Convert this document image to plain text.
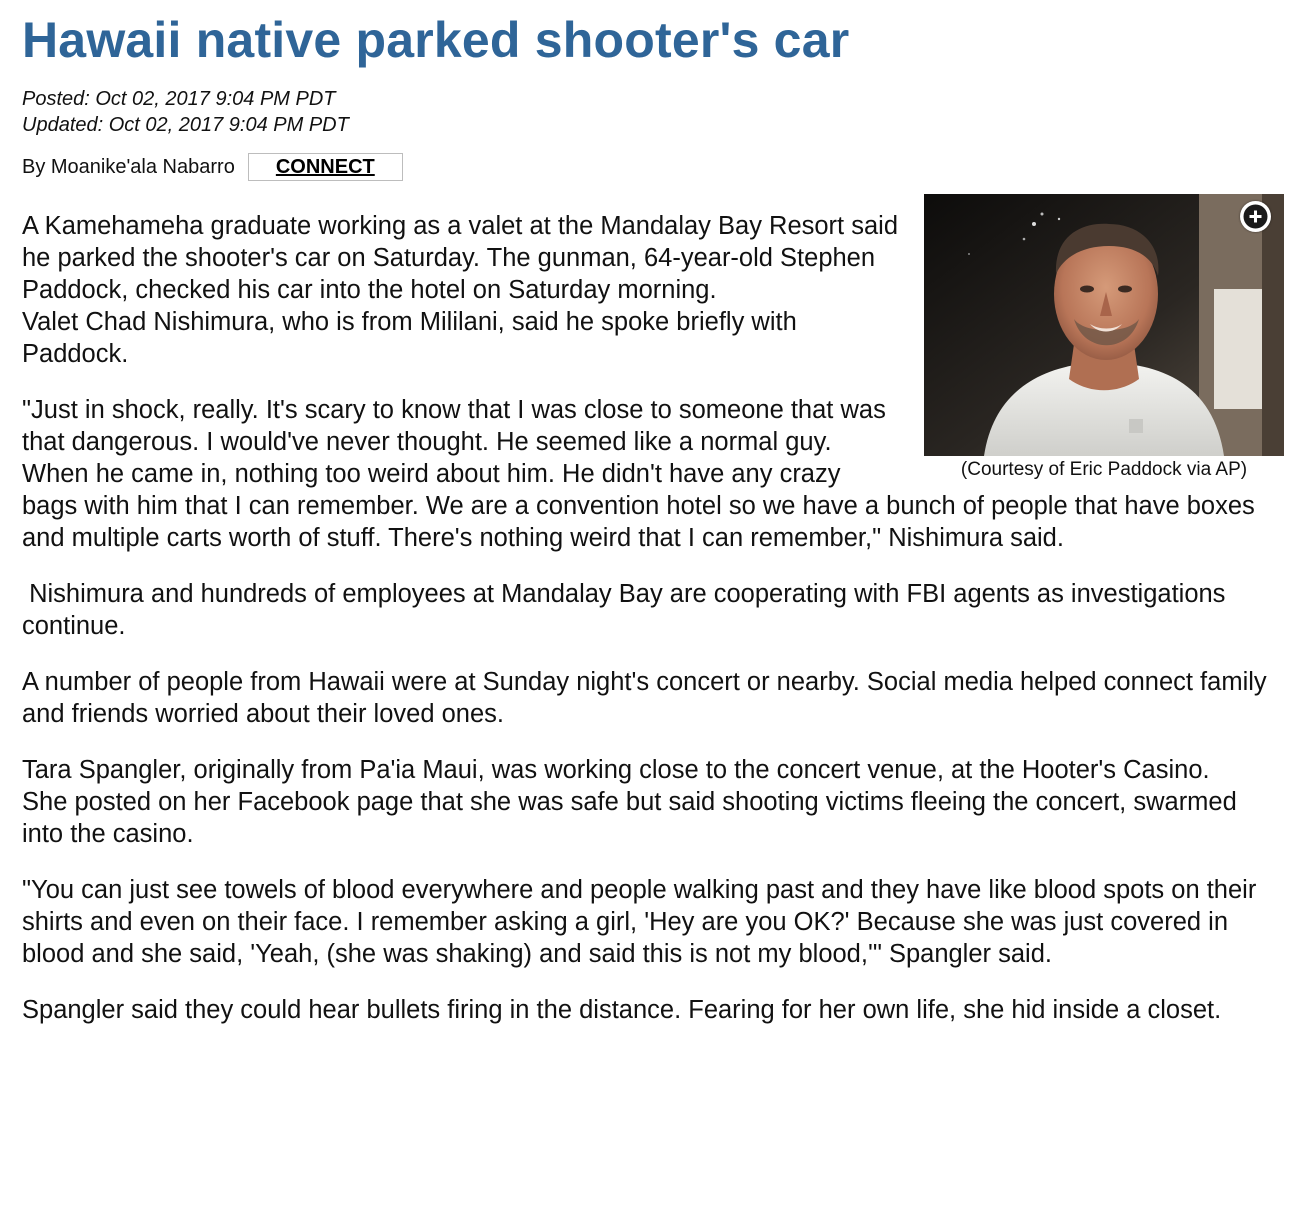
Hawaii native parked shooter's car
Posted: Oct 02, 2017 9:04 PM PDT
Updated: Oct 02, 2017 9:04 PM PDT
By Moanike'ala Nabarro	CONNECT
(Courtesy of Eric Paddock via AP)

A Kamehameha graduate working as a valet at the Mandalay Bay Resort said he parked the shooter's car on Saturday. The gunman, 64-year-old Stephen Paddock, checked his car into the hotel on Saturday morning.
Valet Chad Nishimura, who is from Mililani, said he spoke briefly with Paddock.

"Just in shock, really. It's scary to know that I was close to someone that was that dangerous. I would've never thought. He seemed like a normal guy. When he came in, nothing too weird about him. He didn't have any crazy bags with him that I can remember. We are a convention hotel so we have a bunch of people that have boxes and multiple carts worth of stuff. There's nothing weird that I can remember," Nishimura said.

Nishimura and hundreds of employees at Mandalay Bay are cooperating with FBI agents as investigations continue.

A number of people from Hawaii were at Sunday night's concert or nearby. Social media helped connect family and friends worried about their loved ones.

Tara Spangler, originally from Pa'ia Maui, was working close to the concert venue, at the Hooter's Casino.
She posted on her Facebook page that she was safe but said shooting victims fleeing the concert, swarmed into the casino.

"You can just see towels of blood everywhere and people walking past and they have like blood spots on their shirts and even on their face. I remember asking a girl, 'Hey are you OK?' Because she was just covered in blood and she said, 'Yeah, (she was shaking) and said this is not my blood,'" Spangler said.

Spangler said they could hear bullets firing in the distance. Fearing for her own life, she hid inside a closet.
